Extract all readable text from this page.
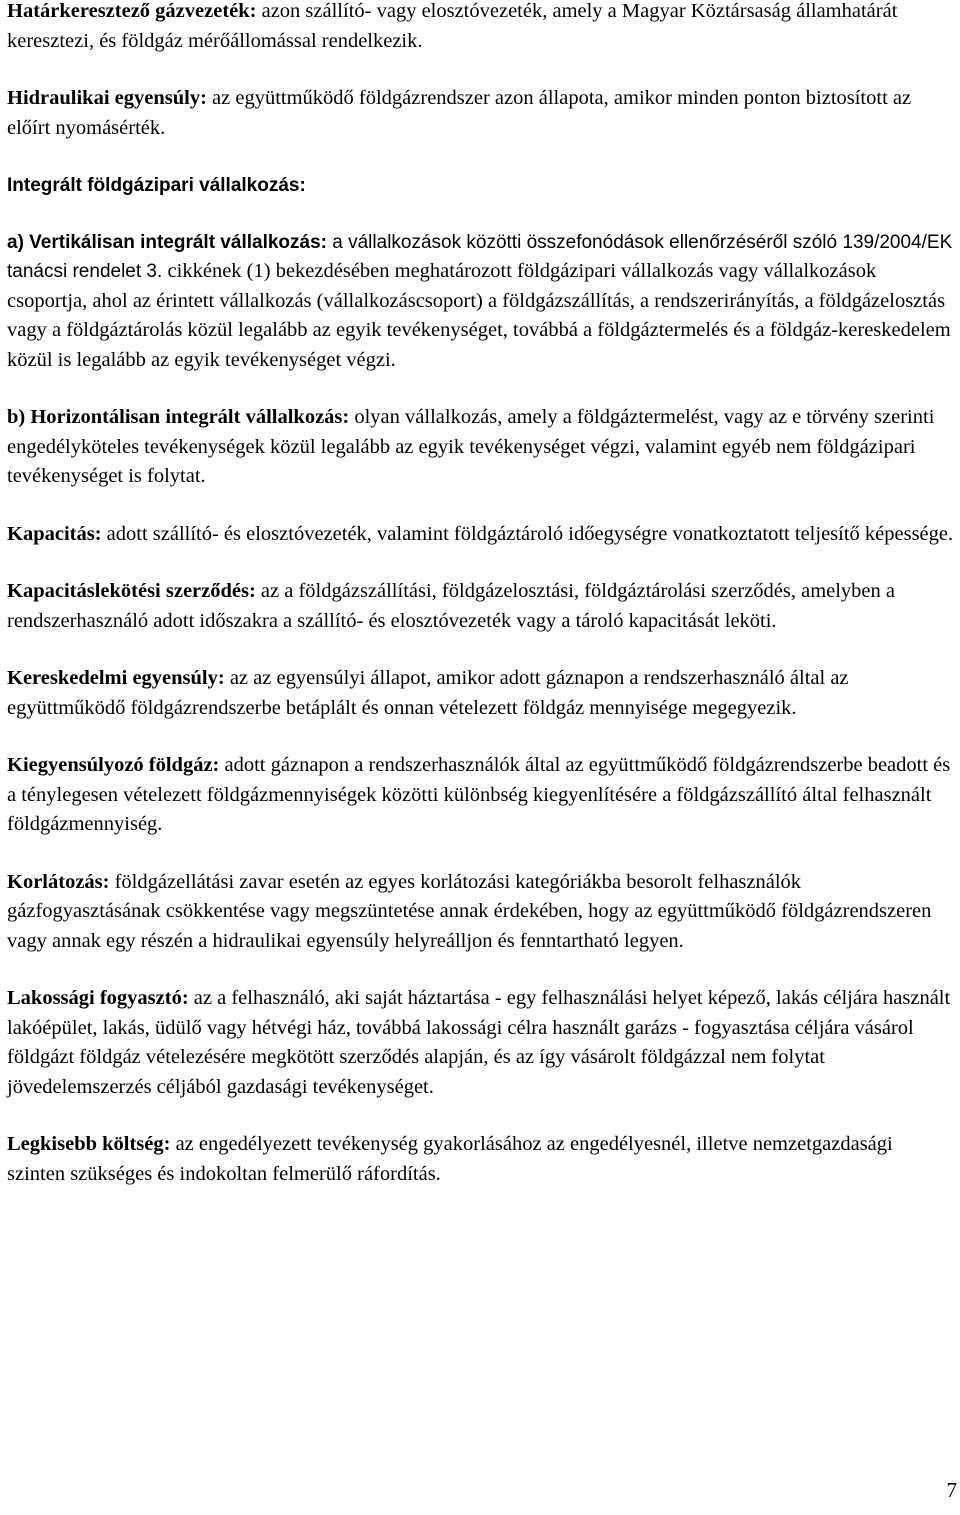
Határkeresztező gázvezeték: azon szállító- vagy elosztóvezeték, amely a Magyar Köztársaság államhatárát keresztezi, és földgáz mérőállomással rendelkezik.

Hidraulikai egyensúly: az együttműködő földgázrendszer azon állapota, amikor minden ponton biztosított az előírt nyomásérték.

Integrált földgázipari vállalkozás:

a) Vertikálisan integrált vállalkozás: a vállalkozások közötti összefonódások ellenőrzéséről szóló 139/2004/EK tanácsi rendelet 3. cikkének (1) bekezdésében meghatározott földgázipari vállalkozás vagy vállalkozások csoportja, ahol az érintett vállalkozás (vállalkozáscsoport) a földgázszállítás, a rendszerirányítás, a földgázelosztás vagy a földgáztárolás közül legalább az egyik tevékenységet, továbbá a földgáztermelés és a földgáz-kereskedelem közül is legalább az egyik tevékenységet végzi.

b) Horizontálisan integrált vállalkozás: olyan vállalkozás, amely a földgáztermelést, vagy az e törvény szerinti engedélyköteles tevékenységek közül legalább az egyik tevékenységet végzi, valamint egyéb nem földgázipari tevékenységet is folytat.

Kapacitás: adott szállító- és elosztóvezeték, valamint földgáztároló időegységre vonatkoztatott teljesítő képessége.

Kapacitáslekötési szerződés: az a földgázszállítási, földgázelosztási, földgáztárolási szerződés, amelyben a rendszerhasználó adott időszakra a szállító- és elosztóvezeték vagy a tároló kapacitását leköti.

Kereskedelmi egyensúly: az az egyensúlyi állapot, amikor adott gáznapon a rendszerhasználó által az együttműködő földgázrendszerbe betáplált és onnan vételezett földgáz mennyisége megegyezik.

Kiegyensúlyozó földgáz: adott gáznapon a rendszerhasználók által az együttműködő földgázrendszerbe beadott és a ténylegesen vételezett földgázmennyiségek közötti különbség kiegyenlítésére a földgázszállító által felhasznált földgázmennyiség.

Korlátozás: földgázellátási zavar esetén az egyes korlátozási kategóriákba besorolt felhasználók gázfogyasztásának csökkentése vagy megszüntetése annak érdekében, hogy az együttműködő földgázrendszeren vagy annak egy részén a hidraulikai egyensúly helyreálljon és fenntartható legyen.

Lakossági fogyasztó: az a felhasználó, aki saját háztartása - egy felhasználási helyet képező, lakás céljára használt lakóépület, lakás, üdülő vagy hétvégi ház, továbbá lakossági célra használt garázs - fogyasztása céljára vásárol földgázt földgáz vételezésére megkötött szerződés alapján, és az így vásárolt földgázzal nem folytat jövedelemszerzés céljából gazdasági tevékenységet.

Legkisebb költség: az engedélyezett tevékenység gyakorlásához az engedélyesnél, illetve nemzetgazdasági szinten szükséges és indokoltan felmerülő ráfordítás.

7
